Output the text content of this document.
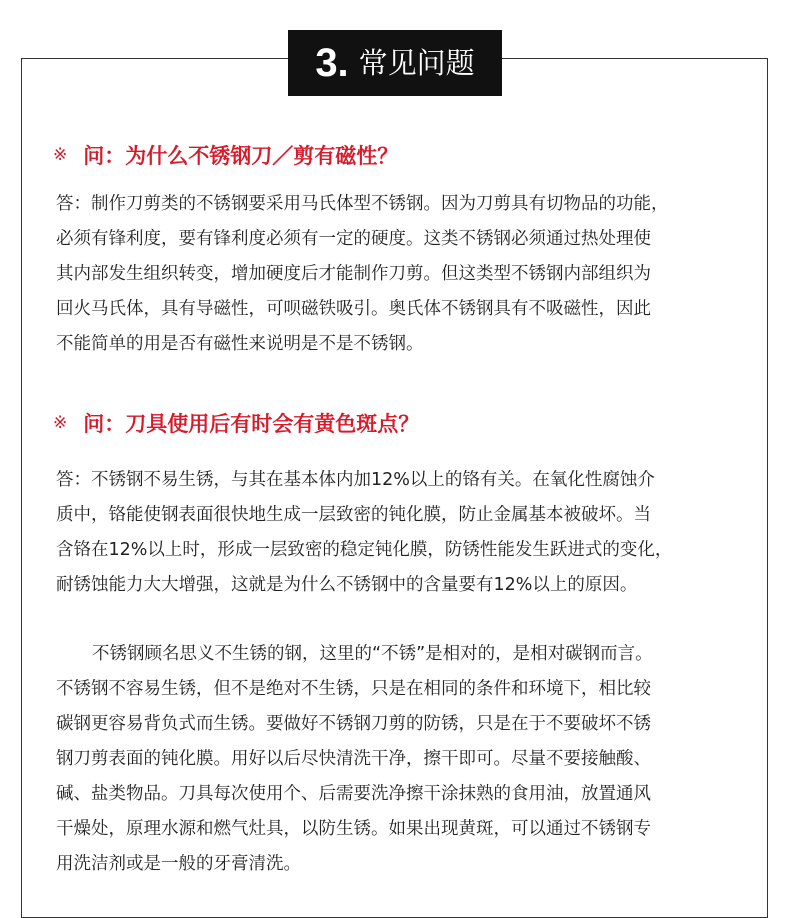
3. 常见问题
※ 问：为什么不锈钢刀／剪有磁性？

答：制作刀剪类的不锈钢要采用马氏体型不锈钢。因为刀剪具有切物品的功能，
必须有锋利度，要有锋利度必须有一定的硬度。这类不锈钢必须通过热处理使
其内部发生组织转变，增加硬度后才能制作刀剪。但这类型不锈钢内部组织为
回火马氏体，具有导磁性，可呗磁铁吸引。奥氏体不锈钢具有不吸磁性，因此
不能简单的用是否有磁性来说明是不是不锈钢。

※ 问：刀具使用后有时会有黄色斑点？

答：不锈钢不易生锈，与其在基本体内加12%以上的铬有关。在氧化性腐蚀介
质中，铬能使钢表面很快地生成一层致密的钝化膜，防止金属基本被破坏。当
含铬在12%以上时，形成一层致密的稳定钝化膜，防锈性能发生跃进式的变化，
耐锈蚀能力大大增强，这就是为什么不锈钢中的含量要有12%以上的原因。

不锈钢顾名思义不生锈的钢，这里的“不锈”是相对的，是相对碳钢而言。
不锈钢不容易生锈，但不是绝对不生锈，只是在相同的条件和环境下，相比较
碳钢更容易背负式而生锈。要做好不锈钢刀剪的防锈，只是在于不要破坏不锈
钢刀剪表面的钝化膜。用好以后尽快清洗干净，擦干即可。尽量不要接触酸、
碱、盐类物品。刀具每次使用个、后需要洗净擦干涂抹熟的食用油，放置通风
干燥处，原理水源和燃气灶具，以防生锈。如果出现黄斑，可以通过不锈钢专
用洗洁剂或是一般的牙膏清洗。
